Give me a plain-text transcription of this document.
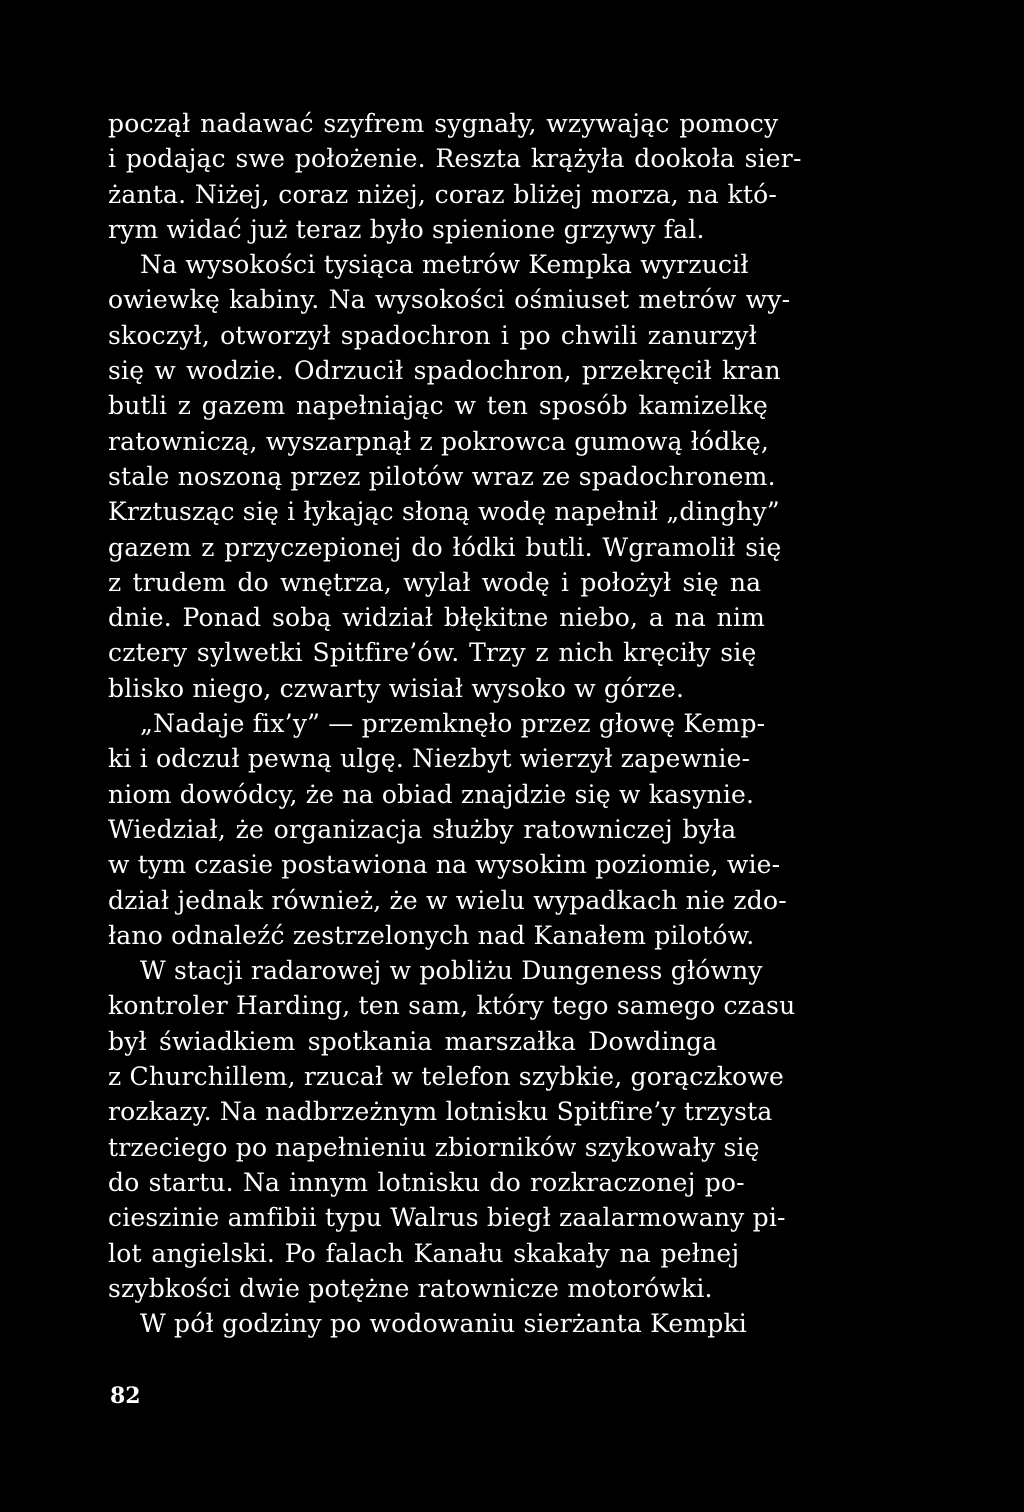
począł nadawać szyfrem sygnały, wzywając pomocy
i podając swe położenie. Reszta krążyła dookoła sier-
żanta. Niżej, coraz niżej, coraz bliżej morza, na któ-
rym widać już teraz było spienione grzywy fal.
Na wysokości tysiąca metrów Kempka wyrzucił
owiewkę kabiny. Na wysokości ośmiuset metrów wy-
skoczył, otworzył spadochron i po chwili zanurzył
się w wodzie. Odrzucił spadochron, przekręcił kran
butli z gazem napełniając w ten sposób kamizelkę
ratowniczą, wyszarpnął z pokrowca gumową łódkę,
stale noszoną przez pilotów wraz ze spadochronem.
Krztusząc się i łykając słoną wodę napełnił „dinghy”
gazem z przyczepionej do łódki butli. Wgramolił się
z trudem do wnętrza, wylał wodę i położył się na
dnie. Ponad sobą widział błękitne niebo, a na nim
cztery sylwetki Spitfire’ów. Trzy z nich kręciły się
blisko niego, czwarty wisiał wysoko w górze.
„Nadaje fix’y” — przemknęło przez głowę Kemp-
ki i odczuł pewną ulgę. Niezbyt wierzył zapewnie-
niom dowódcy, że na obiad znajdzie się w kasynie.
Wiedział, że organizacja służby ratowniczej była
w tym czasie postawiona na wysokim poziomie, wie-
dział jednak również, że w wielu wypadkach nie zdo-
łano odnaleźć zestrzelonych nad Kanałem pilotów.
W stacji radarowej w pobliżu Dungeness główny
kontroler Harding, ten sam, który tego samego czasu
był świadkiem spotkania marszałka Dowdinga
z Churchillem, rzucał w telefon szybkie, gorączkowe
rozkazy. Na nadbrzeżnym lotnisku Spitfire’y trzysta
trzeciego po napełnieniu zbiorników szykowały się
do startu. Na innym lotnisku do rozkraczonej po-
cieszinie amfibii typu Walrus biegł zaalarmowany pi-
lot angielski. Po falach Kanału skakały na pełnej
szybkości dwie potężne ratownicze motorówki.
W pół godziny po wodowaniu sierżanta Kempki
82
